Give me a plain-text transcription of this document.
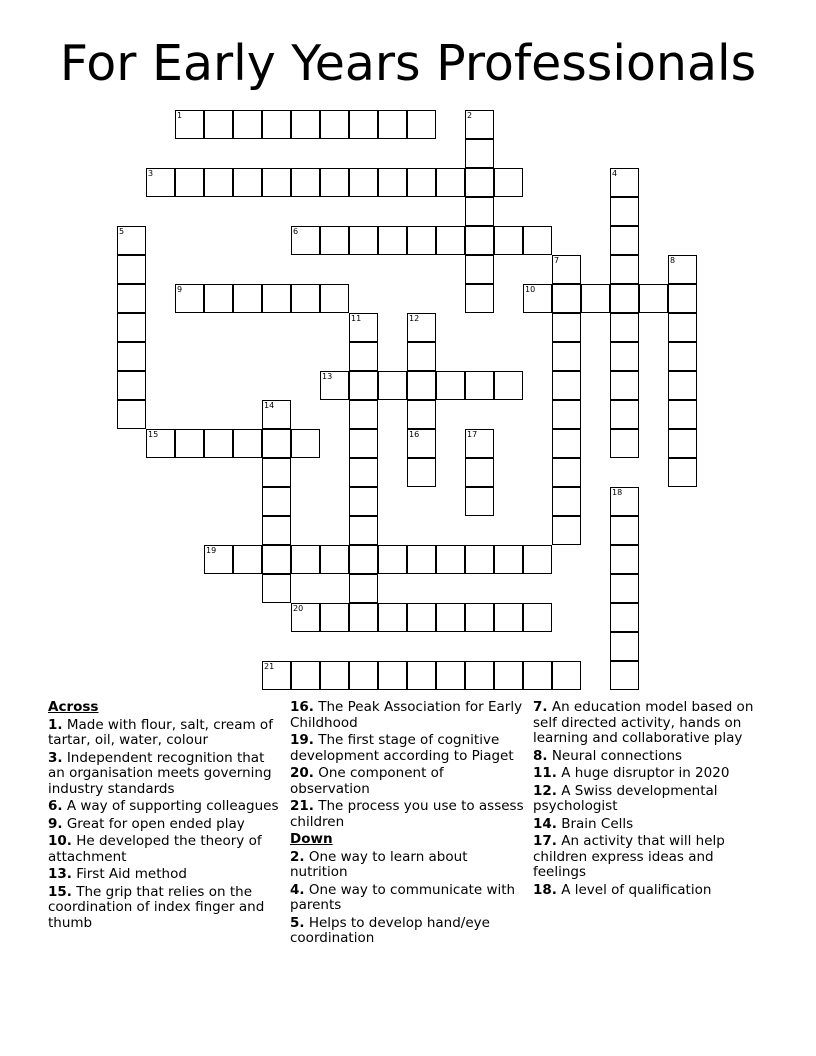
For Early Years Professionals
1	2
3	4
5	6
7	8
9	10
11	12
16
13
14
15	17
18
19
20
21
Across
1. Made with flour, salt, cream of tartar, oil, water, colour
3. Independent recognition that an organisation meets governing industry standards
6. A way of supporting colleagues
9. Great for open ended play
10. He developed the theory of attachment
13. First Aid method
15. The grip that relies on the coordination of index finger and thumb
16. The Peak Association for Early Childhood
19. The first stage of cognitive development according to Piaget
20. One component of observation
21. The process you use to assess children
Down
2. One way to learn about nutrition
4. One way to communicate with parents
5. Helps to develop hand/eye coordination
7. An education model based on self directed activity, hands on learning and collaborative play
8. Neural connections
11. A huge disruptor in 2020
12. A Swiss developmental psychologist
14. Brain Cells
17. An activity that will help children express ideas and feelings
18. A level of qualification
